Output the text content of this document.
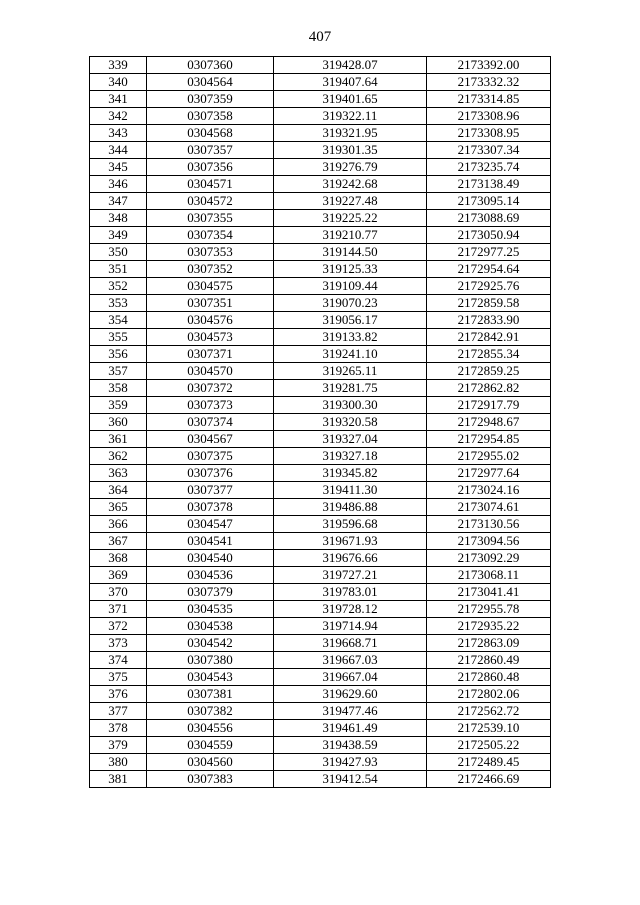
407
339	0307360	319428.07	2173392.00
340	0304564	319407.64	2173332.32
341	0307359	319401.65	2173314.85
342	0307358	319322.11	2173308.96
343	0304568	319321.95	2173308.95
344	0307357	319301.35	2173307.34
345	0307356	319276.79	2173235.74
346	0304571	319242.68	2173138.49
347	0304572	319227.48	2173095.14
348	0307355	319225.22	2173088.69
349	0307354	319210.77	2173050.94
350	0307353	319144.50	2172977.25
351	0307352	319125.33	2172954.64
352	0304575	319109.44	2172925.76
353	0307351	319070.23	2172859.58
354	0304576	319056.17	2172833.90
355	0304573	319133.82	2172842.91
356	0307371	319241.10	2172855.34
357	0304570	319265.11	2172859.25
358	0307372	319281.75	2172862.82
359	0307373	319300.30	2172917.79
360	0307374	319320.58	2172948.67
361	0304567	319327.04	2172954.85
362	0307375	319327.18	2172955.02
363	0307376	319345.82	2172977.64
364	0307377	319411.30	2173024.16
365	0307378	319486.88	2173074.61
366	0304547	319596.68	2173130.56
367	0304541	319671.93	2173094.56
368	0304540	319676.66	2173092.29
369	0304536	319727.21	2173068.11
370	0307379	319783.01	2173041.41
371	0304535	319728.12	2172955.78
372	0304538	319714.94	2172935.22
373	0304542	319668.71	2172863.09
374	0307380	319667.03	2172860.49
375	0304543	319667.04	2172860.48
376	0307381	319629.60	2172802.06
377	0307382	319477.46	2172562.72
378	0304556	319461.49	2172539.10
379	0304559	319438.59	2172505.22
380	0304560	319427.93	2172489.45
381	0307383	319412.54	2172466.69
